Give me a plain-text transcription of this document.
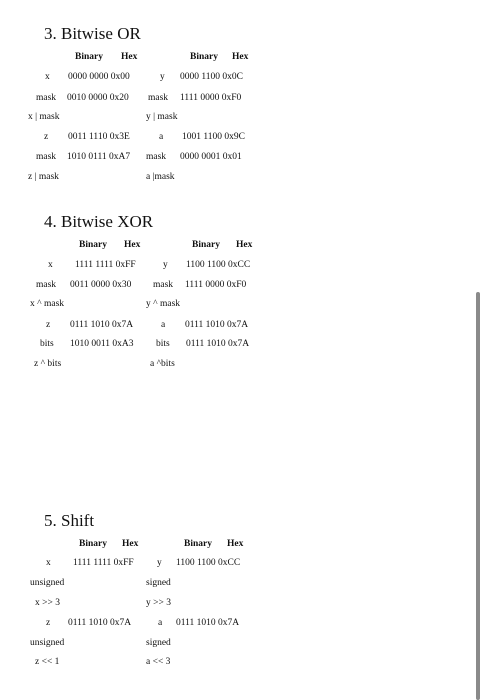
3. Bitwise OR
Binary Hex	Binary Hex
x 0000 0000 0x00	y 0000 1100 0x0C
mask 0010 0000 0x20 mask 1111 0000 0xF0
x | mask	y | mask
z 0011 1110 0x3E	a 1001 1100 0x9C
mask 1010 0111 0xA7 mask 0000 0001 0x01
z | mask	a |mask
4. Bitwise XOR
Binary Hex	Binary Hex
x 1111 1111 0xFF	y 1100 1100 0xCC
mask 0011 0000 0x30 mask 1111 0000 0xF0
x ^ mask	y ^ mask
z 0111 1010 0x7A	a 0111 1010 0x7A
bits 1010 0011 0xA3 bits 0111 1010 0x7A
z ^ bits	a ^bits
5. Shift
Binary Hex	Binary Hex
x 1111 1111 0xFF y 1100 1100 0xCC
unsigned	signed
x >> 3	y >> 3
z 0111 1010 0x7A	a 0111 1010 0x7A
unsigned	signed
z << 1	a << 3
